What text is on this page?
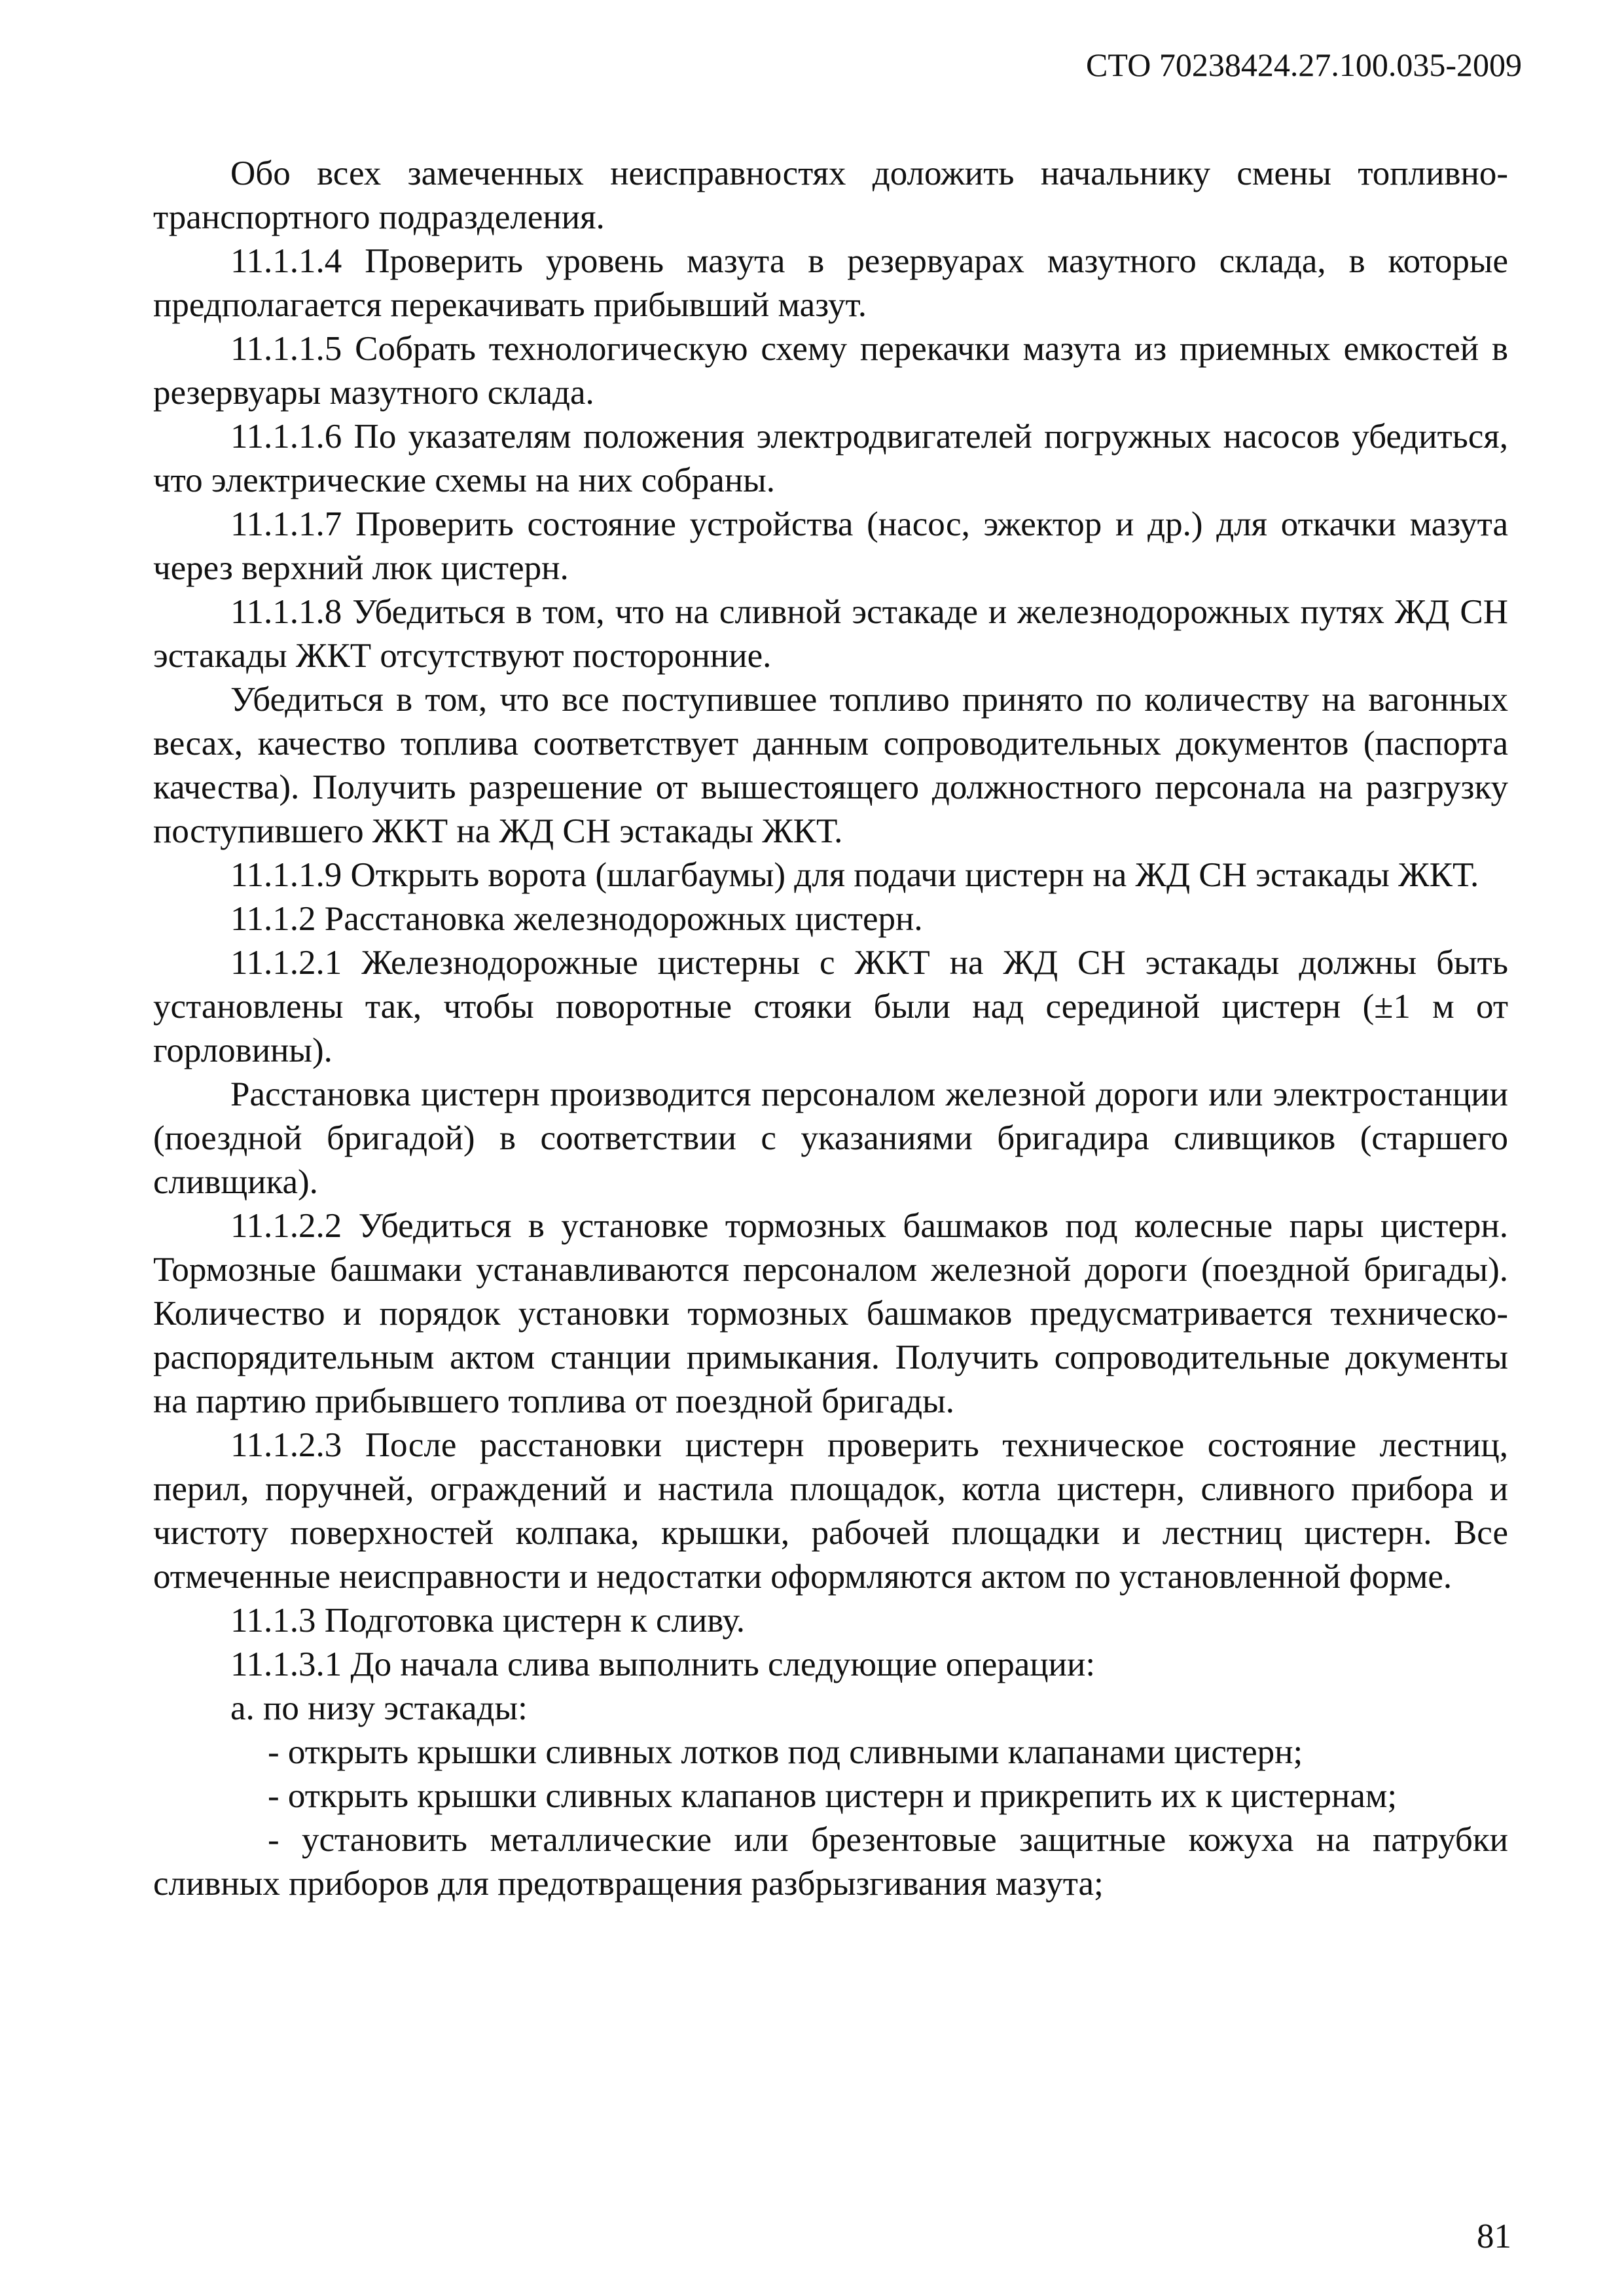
СТО 70238424.27.100.035-2009

Обо всех замеченных неисправностях доложить начальнику смены топливно-транспортного подразделения.

11.1.1.4 Проверить уровень мазута в резервуарах мазутного склада, в которые предполагается перекачивать прибывший мазут.

11.1.1.5 Собрать технологическую схему перекачки мазута из приемных емкостей в резервуары мазутного склада.

11.1.1.6 По указателям положения электродвигателей погружных насосов убедиться, что электрические схемы на них собраны.

11.1.1.7 Проверить состояние устройства (насос, эжектор и др.) для откачки мазута через верхний люк цистерн.

11.1.1.8 Убедиться в том, что на сливной эстакаде и железнодорожных путях ЖД СН эстакады ЖКТ отсутствуют посторонние.

Убедиться в том, что все поступившее топливо принято по количеству на вагонных весах, качество топлива соответствует данным сопроводительных документов (паспорта качества). Получить разрешение от вышестоящего должностного персонала на разгрузку поступившего ЖКТ на ЖД СН эстакады ЖКТ.

11.1.1.9 Открыть ворота (шлагбаумы) для подачи цистерн на ЖД СН эстакады ЖКТ.

11.1.2 Расстановка железнодорожных цистерн.

11.1.2.1 Железнодорожные цистерны с ЖКТ на ЖД СН эстакады должны быть установлены так, чтобы поворотные стояки были над серединой цистерн (±1 м от горловины).

Расстановка цистерн производится персоналом железной дороги или электростанции (поездной бригадой) в соответствии с указаниями бригадира сливщиков (старшего сливщика).

11.1.2.2 Убедиться в установке тормозных башмаков под колесные пары цистерн. Тормозные башмаки устанавливаются персоналом железной дороги (поездной бригады). Количество и порядок установки тормозных башмаков предусматривается техническо-распорядительным актом станции примыкания. Получить сопроводительные документы на партию прибывшего топлива от поездной бригады.

11.1.2.3 После расстановки цистерн проверить техническое состояние лестниц, перил, поручней, ограждений и настила площадок, котла цистерн, сливного прибора и чистоту поверхностей колпака, крышки, рабочей площадки и лестниц цистерн. Все отмеченные неисправности и недостатки оформляются актом по установленной форме.

11.1.3 Подготовка цистерн к сливу.

11.1.3.1 До начала слива выполнить следующие операции:

а. по низу эстакады:

- открыть крышки сливных лотков под сливными клапанами цистерн;

- открыть крышки сливных клапанов цистерн и прикрепить их к цистернам;

- установить металлические или брезентовые защитные кожуха на патрубки сливных приборов для предотвращения разбрызгивания мазута;

81
